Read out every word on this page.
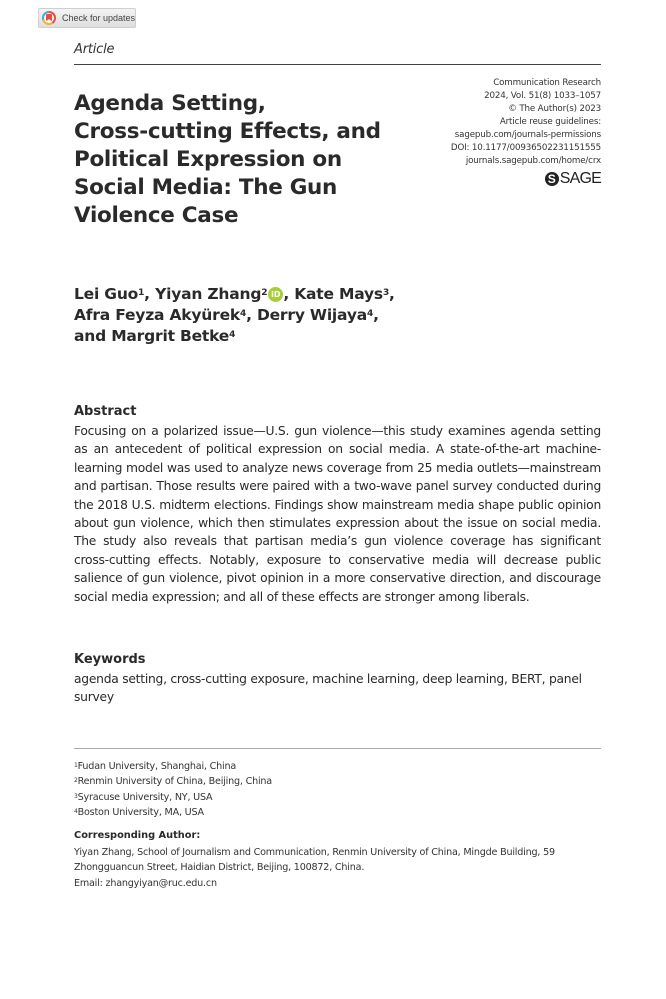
Check for updates
Article
Communication Research
2024, Vol. 51(8) 1033–1057
© The Author(s) 2023
Article reuse guidelines:
sagepub.com/journals-permissions
DOI: 10.1177/00936502231151555
journals.sagepub.com/home/crx
S SAGE
Agenda Setting,
Cross-cutting Effects, and
Political Expression on
Social Media: The Gun
Violence Case
Lei Guo$^1$, Yiyan Zhang$^2$ iD , Kate Mays$^3$,
Afra Feyza Akyürek$^4$, Derry Wijaya$^4$,
and Margrit Betke$^4$
Abstract
Focusing on a polarized issue—U.S. gun violence—this study examines agenda setting as an antecedent of political expression on social media. A state-of-the-art machine-learning model was used to analyze news coverage from 25 media outlets—mainstream and partisan. Those results were paired with a two-wave panel survey conducted during the 2018 U.S. midterm elections. Findings show mainstream media shape public opinion about gun violence, which then stimulates expression about the issue on social media. The study also reveals that partisan media’s gun violence coverage has significant cross-cutting effects. Notably, exposure to conservative media will decrease public salience of gun violence, pivot opinion in a more conservative direction, and discourage social media expression; and all of these effects are stronger among liberals.
Keywords
agenda setting, cross-cutting exposure, machine learning, deep learning, BERT, panel survey
$^1$Fudan University, Shanghai, China
$^2$Renmin University of China, Beijing, China
$^3$Syracuse University, NY, USA
$^4$Boston University, MA, USA
Corresponding Author:
Yiyan Zhang, School of Journalism and Communication, Renmin University of China, Mingde Building, 59
Zhongguancun Street, Haidian District, Beijing, 100872, China.
Email: zhangyiyan@ruc.edu.cn
